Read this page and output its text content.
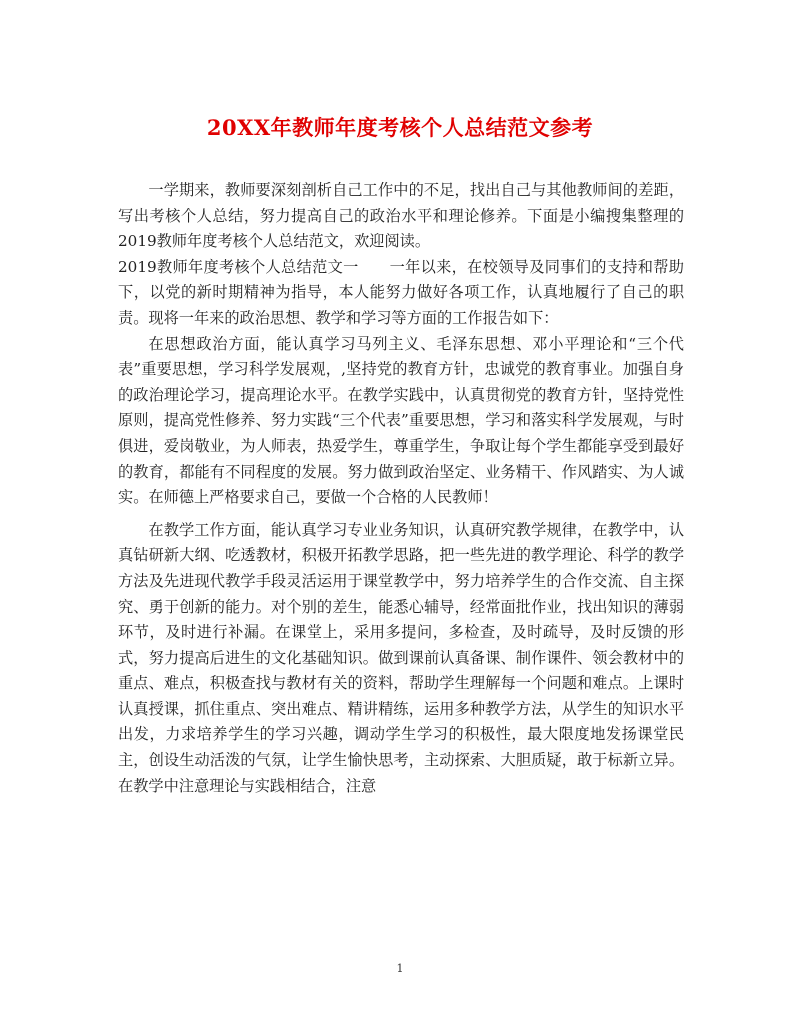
20XX年教师年度考核个人总结范文参考

一学期来，教师要深刻剖析自己工作中的不足，找出自己与其他教师间的差距，写出考核个人总结，努力提高自己的政治水平和理论修养。下面是小编搜集整理的2019教师年度考核个人总结范文，欢迎阅读。

2019教师年度考核个人总结范文一　　一年以来，在校领导及同事们的支持和帮助下，以党的新时期精神为指导，本人能努力做好各项工作，认真地履行了自己的职责。现将一年来的政治思想、教学和学习等方面的工作报告如下：

在思想政治方面，能认真学习马列主义、毛泽东思想、邓小平理论和“三个代表”重要思想，学习科学发展观，,坚持党的教育方针，忠诚党的教育事业。加强自身的政治理论学习，提高理论水平。在教学实践中，认真贯彻党的教育方针，坚持党性原则，提高党性修养、努力实践“三个代表”重要思想，学习和落实科学发展观，与时俱进，爱岗敬业，为人师表，热爱学生，尊重学生，争取让每个学生都能享受到最好的教育，都能有不同程度的发展。努力做到政治坚定、业务精干、作风踏实、为人诚实。在师德上严格要求自己，要做一个合格的人民教师！

在教学工作方面，能认真学习专业业务知识，认真研究教学规律，在教学中，认真钻研新大纲、吃透教材，积极开拓教学思路，把一些先进的教学理论、科学的教学方法及先进现代教学手段灵活运用于课堂教学中，努力培养学生的合作交流、自主探究、勇于创新的能力。对个别的差生，能悉心辅导，经常面批作业，找出知识的薄弱环节，及时进行补漏。在课堂上，采用多提问，多检查，及时疏导，及时反馈的形式，努力提高后进生的文化基础知识。做到课前认真备课、制作课件、领会教材中的重点、难点，积极查找与教材有关的资料，帮助学生理解每一个问题和难点。上课时认真授课，抓住重点、突出难点、精讲精练，运用多种教学方法，从学生的知识水平出发，力求培养学生的学习兴趣，调动学生学习的积极性，最大限度地发扬课堂民主，创设生动活泼的气氛，让学生愉快思考，主动探索、大胆质疑，敢于标新立异。在教学中注意理论与实践相结合，注意

1
